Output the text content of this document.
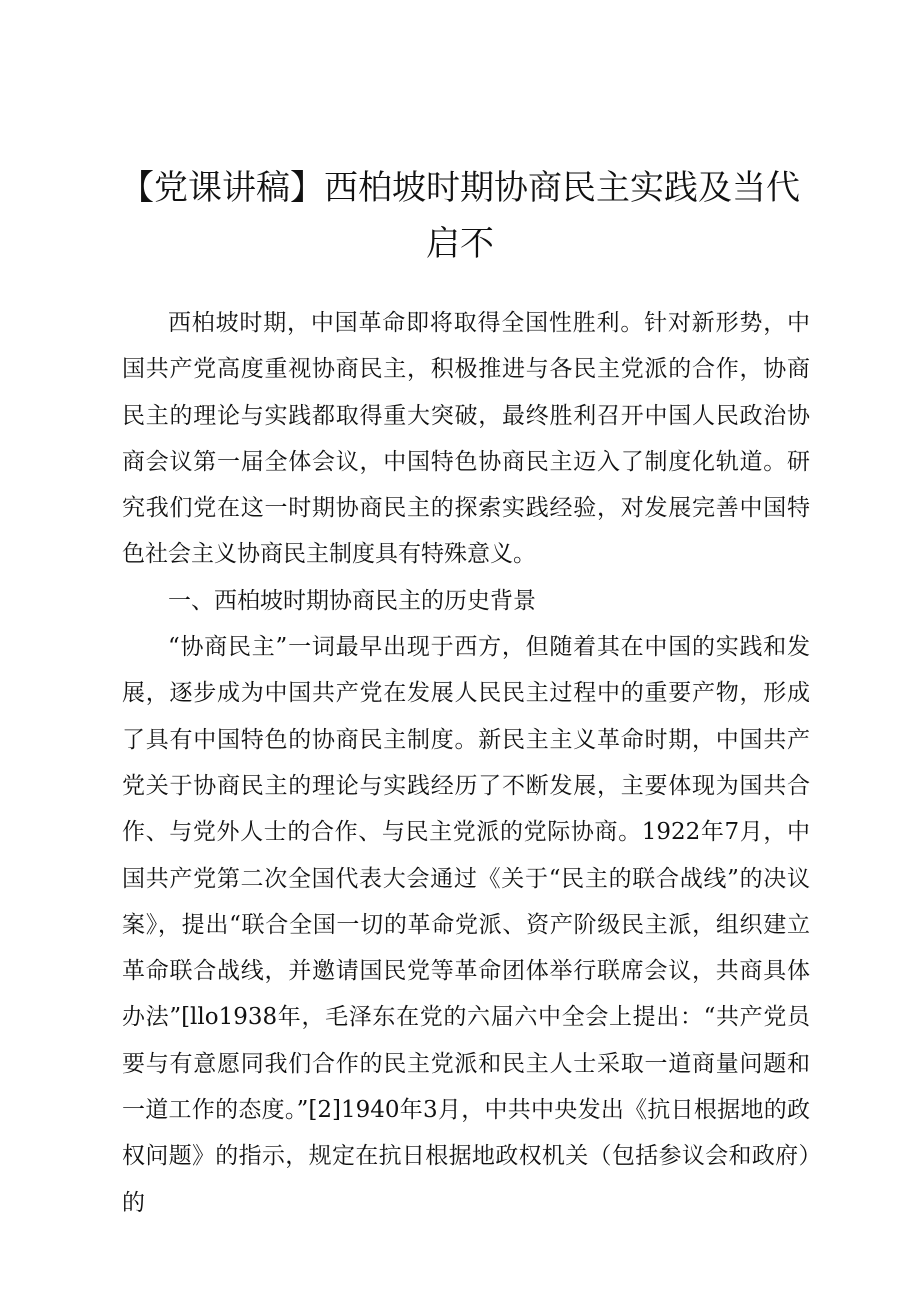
【党课讲稿】西柏坡时期协商民主实践及当代
启不

西柏坡时期，中国革命即将取得全国性胜利。针对新形势，中国共产党高度重视协商民主，积极推进与各民主党派的合作，协商民主的理论与实践都取得重大突破，最终胜利召开中国人民政治协商会议第一届全体会议，中国特色协商民主迈入了制度化轨道。研究我们党在这一时期协商民主的探索实践经验，对发展完善中国特色社会主义协商民主制度具有特殊意义。

一、西柏坡时期协商民主的历史背景

“协商民主”一词最早出现于西方，但随着其在中国的实践和发展，逐步成为中国共产党在发展人民民主过程中的重要产物，形成了具有中国特色的协商民主制度。新民主主义革命时期，中国共产党关于协商民主的理论与实践经历了不断发展，主要体现为国共合作、与党外人士的合作、与民主党派的党际协商。1922年7月，中国共产党第二次全国代表大会通过《关于“民主的联合战线”的决议案》，提出“联合全国一切的革命党派、资产阶级民主派，组织建立革命联合战线，并邀请国民党等革命团体举行联席会议，共商具体办法”[llo1938年，毛泽东在党的六届六中全会上提出：“共产党员要与有意愿同我们合作的民主党派和民主人士采取一道商量问题和一道工作的态度。”[2]1940年3月，中共中央发出《抗日根据地的政权问题》的指示，规定在抗日根据地政权机关（包括参议会和政府）的
